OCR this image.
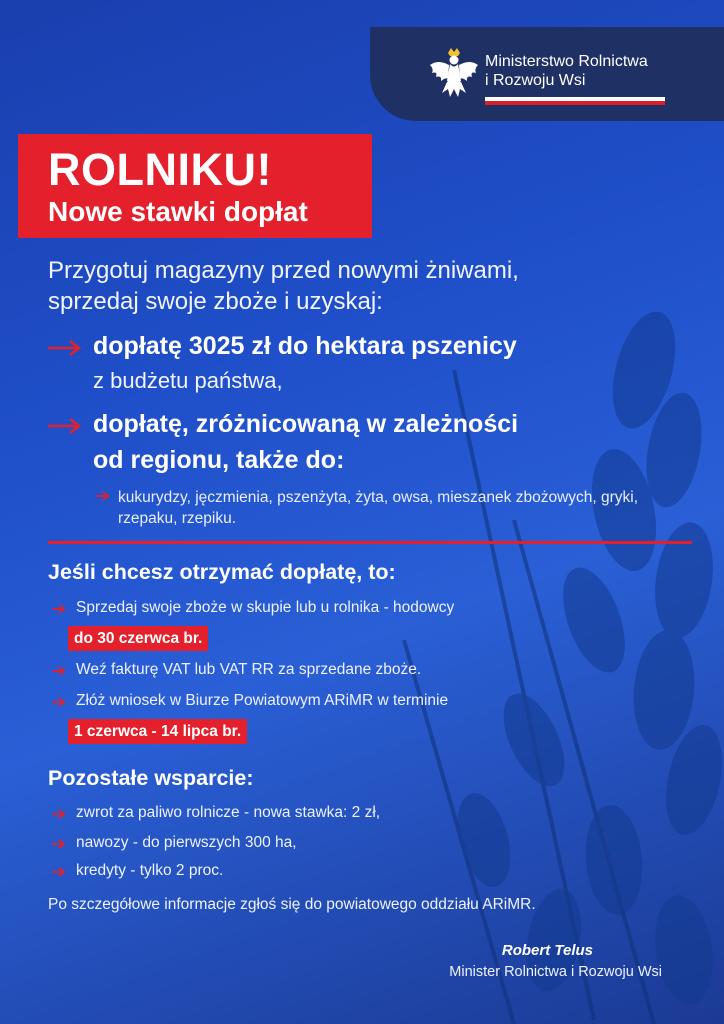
Ministerstwo Rolnictwa
i Rozwoju Wsi
ROLNIKU!
Nowe stawki dopłat
Przygotuj magazyny przed nowymi żniwami,
sprzedaj swoje zboże i uzyskaj:
dopłatę 3025 zł do hektara pszenicy
z budżetu państwa,
dopłatę, zróżnicowaną w zależności
od regionu, także do:
kukurydzy, jęczmienia, pszenżyta, żyta, owsa, mieszanek zbożowych, gryki, rzepaku, rzepiku.
Jeśli chcesz otrzymać dopłatę, to:
Sprzedaj swoje zboże w skupie lub u rolnika - hodowcy
do 30 czerwca br.
Weź fakturę VAT lub VAT RR za sprzedane zboże.
Złóż wniosek w Biurze Powiatowym ARiMR w terminie
1 czerwca - 14 lipca br.
Pozostałe wsparcie:
zwrot za paliwo rolnicze - nowa stawka: 2 zł,
nawozy - do pierwszych 300 ha,
kredyty - tylko 2 proc.
Po szczegółowe informacje zgłoś się do powiatowego oddziału ARiMR.
Robert Telus
Minister Rolnictwa i Rozwoju Wsi
